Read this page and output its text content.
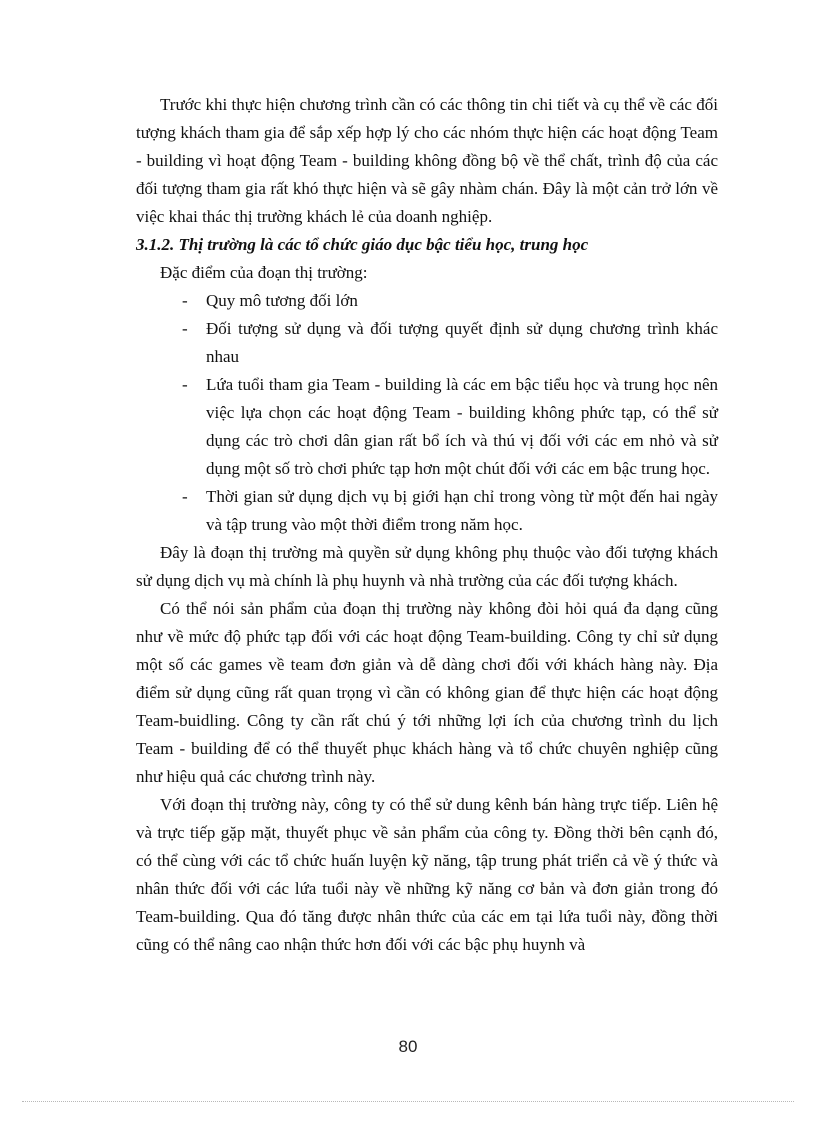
Trước khi thực hiện chương trình cần có các thông tin chi tiết và cụ thể về các đối tượng khách tham gia để sắp xếp hợp lý cho các nhóm thực hiện các hoạt động Team - building vì hoạt động Team - building không đồng bộ về thể chất, trình độ của các đối tượng tham gia rất khó thực hiện và sẽ gây nhàm chán. Đây là một cản trở lớn về việc khai thác thị trường khách lẻ của doanh nghiệp.

3.1.2. Thị trường là các tổ chức giáo dục bậc tiểu học, trung học

Đặc điểm của đoạn thị trường:

- Quy mô tương đối lớn
- Đối tượng sử dụng và đối tượng quyết định sử dụng chương trình khác nhau
- Lứa tuổi tham gia Team - building là các em bậc tiểu học và trung học nên việc lựa chọn các hoạt động Team - building không phức tạp, có thể sử dụng các trò chơi dân gian rất bổ ích và thú vị đối với các em nhỏ và sử dụng một số trò chơi phức tạp hơn một chút đối với các em bậc trung học.
- Thời gian sử dụng dịch vụ bị giới hạn chỉ trong vòng từ một đến hai ngày và tập trung vào một thời điểm trong năm học.

Đây là đoạn thị trường mà quyền sử dụng không phụ thuộc vào đối tượng khách sử dụng dịch vụ mà chính là phụ huynh và nhà trường của các đối tượng khách.

Có thể nói sản phẩm của đoạn thị trường này không đòi hỏi quá đa dạng cũng như về mức độ phức tạp đối với các hoạt động Team-building. Công ty chỉ sử dụng một số các games về team đơn giản và dễ dàng chơi đối với khách hàng này. Địa điểm sử dụng cũng rất quan trọng vì cần có không gian để thực hiện các hoạt động Team-buidling. Công ty cần rất chú ý tới những lợi ích của chương trình du lịch Team - building để có thể thuyết phục khách hàng và tổ chức chuyên nghiệp cũng như hiệu quả các chương trình này.

Với đoạn thị trường này, công ty có thể sử dung kênh bán hàng trực tiếp. Liên hệ và trực tiếp gặp mặt, thuyết phục về sản phẩm của công ty. Đồng thời bên cạnh đó, có thể cùng với các tổ chức huấn luyện kỹ năng, tập trung phát triển cả về ý thức và nhân thức đối với các lứa tuổi này về những kỹ năng cơ bản và đơn giản trong đó Team-building. Qua đó tăng được nhân thức của các em tại lứa tuổi này, đồng thời cũng có thể nâng cao nhận thức hơn đối với các bậc phụ huynh và

80
